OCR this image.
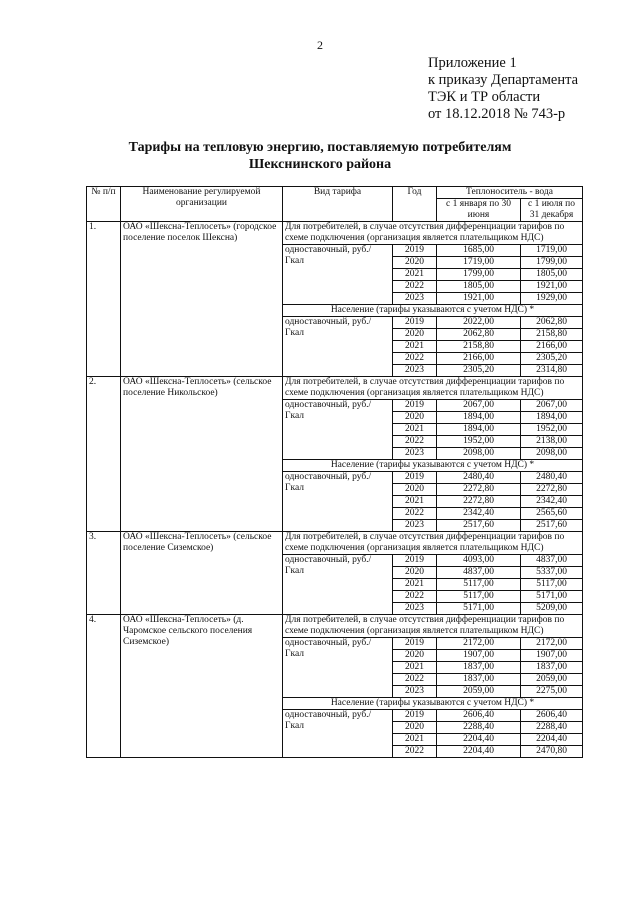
2
Приложение 1
к приказу Департамента
ТЭК и ТР области
от 18.12.2018 № 743-р
Тарифы на тепловую энергию, поставляемую потребителям
Шекснинского района
№ п/п	Наименование регулируемой организации	Вид тарифа	Год	Теплоноситель - вода	
				с 1 января по 30 июня	с 1 июля по 31 декабря
1.	ОАО «Шексна-Теплосеть» (городское поселение поселок Шексна)	Для потребителей, в случае отсутствия дифференциации тарифов по схеме подключения (организация является плательщиком НДС)			
		одноставочный, руб./Гкал	2019	1685,00	1719,00
			2020	1719,00	1799,00
			2021	1799,00	1805,00
			2022	1805,00	1921,00
			2023	1921,00	1929,00
		Население (тарифы указываются с учетом НДС) *			
		одноставочный, руб./Гкал	2019	2022,00	2062,80
			2020	2062,80	2158,80
			2021	2158,80	2166,00
			2022	2166,00	2305,20
			2023	2305,20	2314,80
2.	ОАО «Шексна-Теплосеть» (сельское поселение Никольское)	Для потребителей, в случае отсутствия дифференциации тарифов по схеме подключения (организация является плательщиком НДС)			
		одноставочный, руб./Гкал	2019	2067,00	2067,00
			2020	1894,00	1894,00
			2021	1894,00	1952,00
			2022	1952,00	2138,00
			2023	2098,00	2098,00
		Население (тарифы указываются с учетом НДС) *			
		одноставочный, руб./Гкал	2019	2480,40	2480,40
			2020	2272,80	2272,80
			2021	2272,80	2342,40
			2022	2342,40	2565,60
			2023	2517,60	2517,60
3.	ОАО «Шексна-Теплосеть» (сельское поселение Сиземское)	Для потребителей, в случае отсутствия дифференциации тарифов по схеме подключения (организация является плательщиком НДС)			
		одноставочный, руб./Гкал	2019	4093,00	4837,00
			2020	4837,00	5337,00
			2021	5117,00	5117,00
			2022	5117,00	5171,00
			2023	5171,00	5209,00
4.	ОАО «Шексна-Теплосеть» (д. Чаромское сельского поселения Сиземское)	Для потребителей, в случае отсутствия дифференциации тарифов по схеме подключения (организация является плательщиком НДС)			
		одноставочный, руб./Гкал	2019	2172,00	2172,00
			2020	1907,00	1907,00
			2021	1837,00	1837,00
			2022	1837,00	2059,00
			2023	2059,00	2275,00
		Население (тарифы указываются с учетом НДС) *			
		одноставочный, руб./Гкал	2019	2606,40	2606,40
			2020	2288,40	2288,40
			2021	2204,40	2204,40
			2022	2204,40	2470,80
